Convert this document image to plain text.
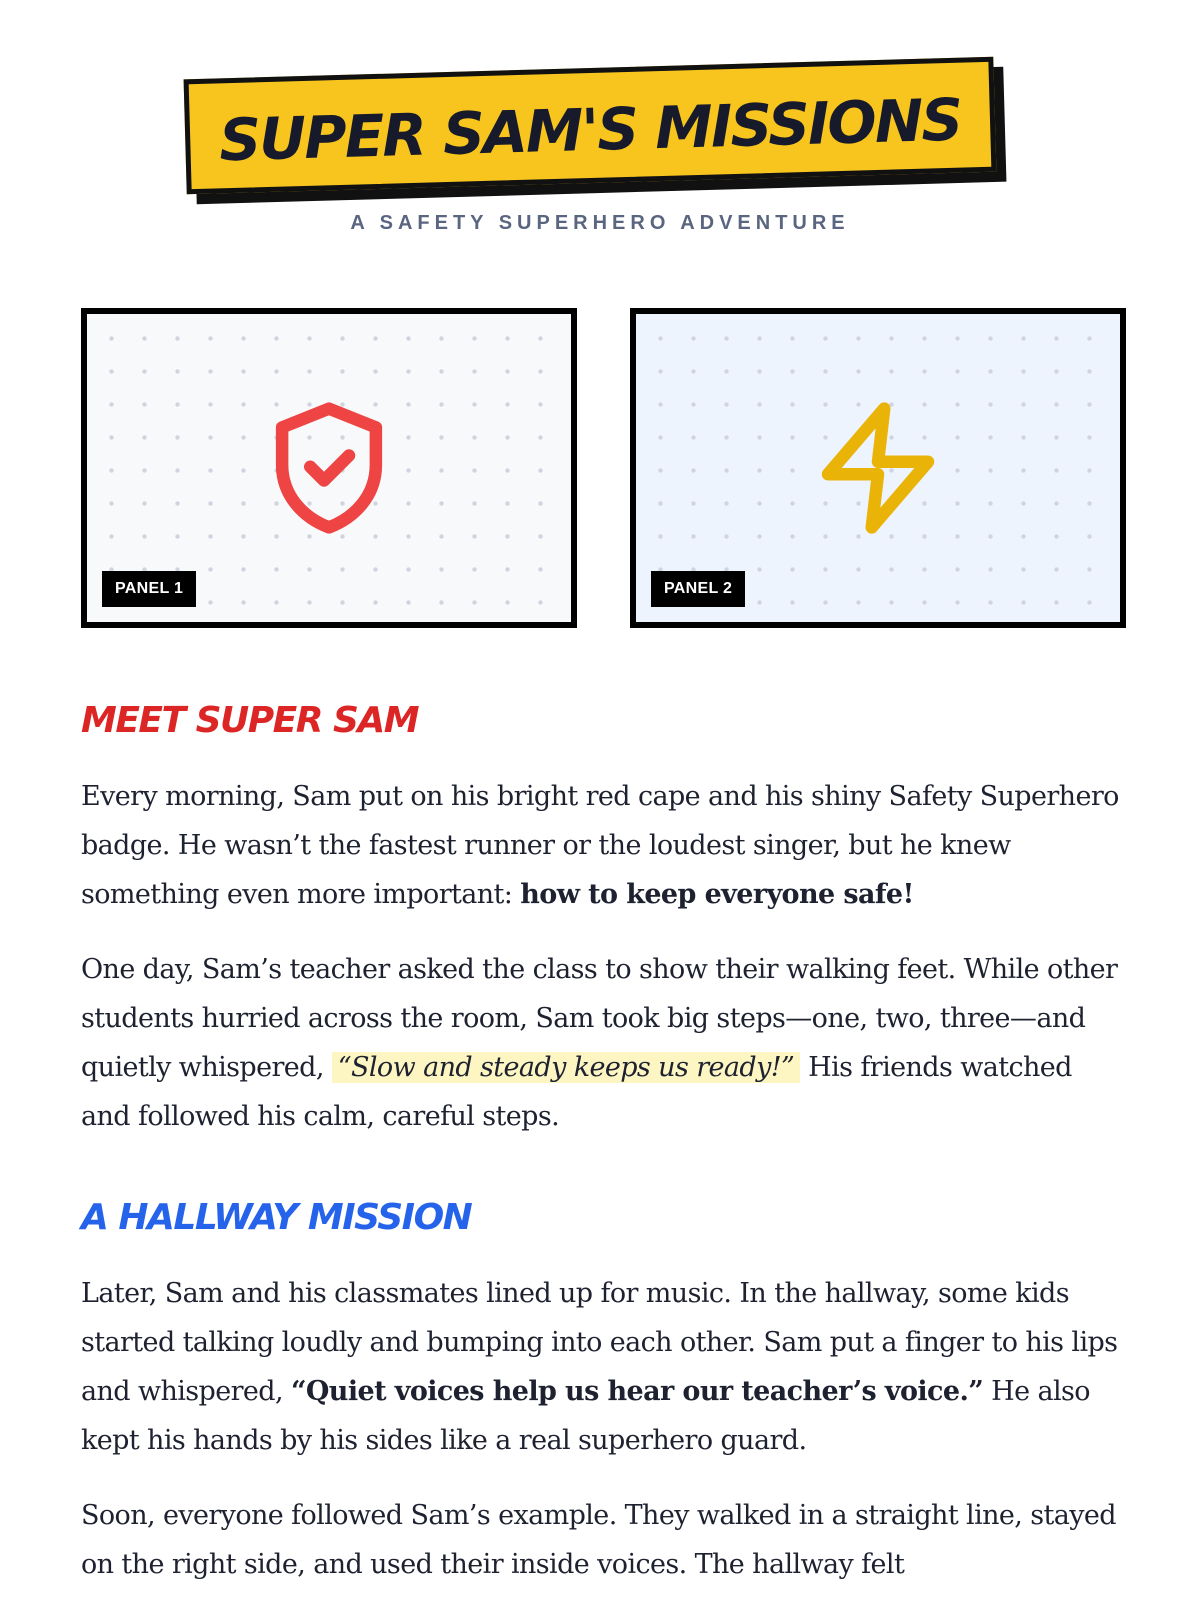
SUPER SAM'S MISSIONS
A SAFETY SUPERHERO ADVENTURE
PANEL 1	PANEL 2
MEET SUPER SAM

Every morning, Sam put on his bright red cape and his shiny Safety Superhero badge. He wasn’t the fastest runner or the loudest singer, but he knew something even more important: how to keep everyone safe!

One day, Sam’s teacher asked the class to show their walking feet. While other students hurried across the room, Sam took big steps—one, two, three—and quietly whispered, “Slow and steady keeps us ready!” His friends watched and followed his calm, careful steps.

A HALLWAY MISSION

Later, Sam and his classmates lined up for music. In the hallway, some kids started talking loudly and bumping into each other. Sam put a finger to his lips and whispered, “Quiet voices help us hear our teacher’s voice.” He also kept his hands by his sides like a real superhero guard.

Soon, everyone followed Sam’s example. They walked in a straight line, stayed on the right side, and used their inside voices. The hallway felt
